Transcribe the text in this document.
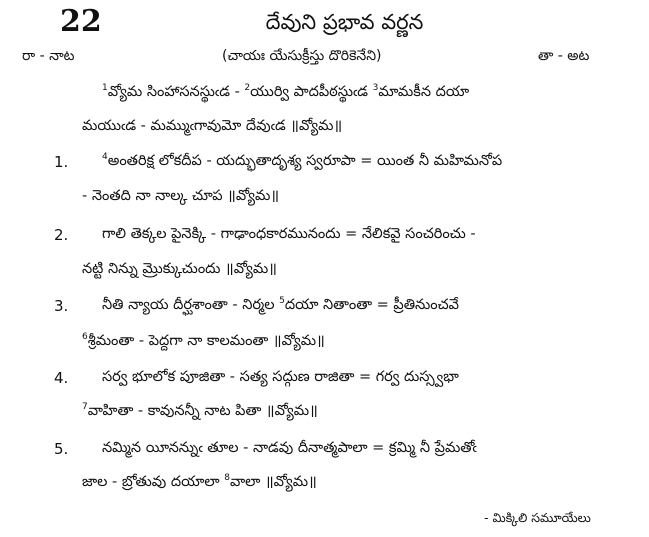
22	దేవుని ప్రభావ వర్ణన
రా - నాట	(చాయః యేసుక్రీస్తు దొరికెనేని)	తా - అట
$^1$వ్యోమ సింహాసనస్థుఁడ - $^2$యుర్వి పాదపీఠస్థుఁడ $^3$మామకీన దయా
మయుఁడ - మమ్ముఁగావుమో దేవుఁడ ॥వ్యోమ॥
1.	$^4$అంతరిక్ష లోకదీప - యద్భుతాదృశ్య స్వరూపా = యింత నీ మహిమనోప
- నెంతది నా నాల్క చూప ॥వ్యోమ॥
2. గాలి తెక్కల పైనెక్కి - గాఢాంధకారమునందు = నేలికవై సంచరించు -
నట్టి నిన్ను మ్రొక్కుచుందు ॥వ్యోమ॥
3. నీతి న్యాయ దీర్ఘశాంతా - నిర్మల $^5$దయా నితాంతా = ప్రీతినుంచవే
$^6$శ్రీమంతా - పెద్దగా నా కాలమంతా ॥వ్యోమ॥
4. సర్వ భూలోక పూజితా - సత్య సద్గుణ రాజితా = గర్వ దుస్స్వభా
$^7$వాహితా - కావునన్నీ నాట పితా ॥వ్యోమ॥
5. నమ్మిన యీనన్నుఁ తూల - నాడవు దీనాత్మపాలా = క్రమ్మి నీ ప్రేమతోఁ
జాల - బ్రోతువు దయాలా $^8$వాలా ॥వ్యోమ॥
- మిక్కిలి సమూయేలు
